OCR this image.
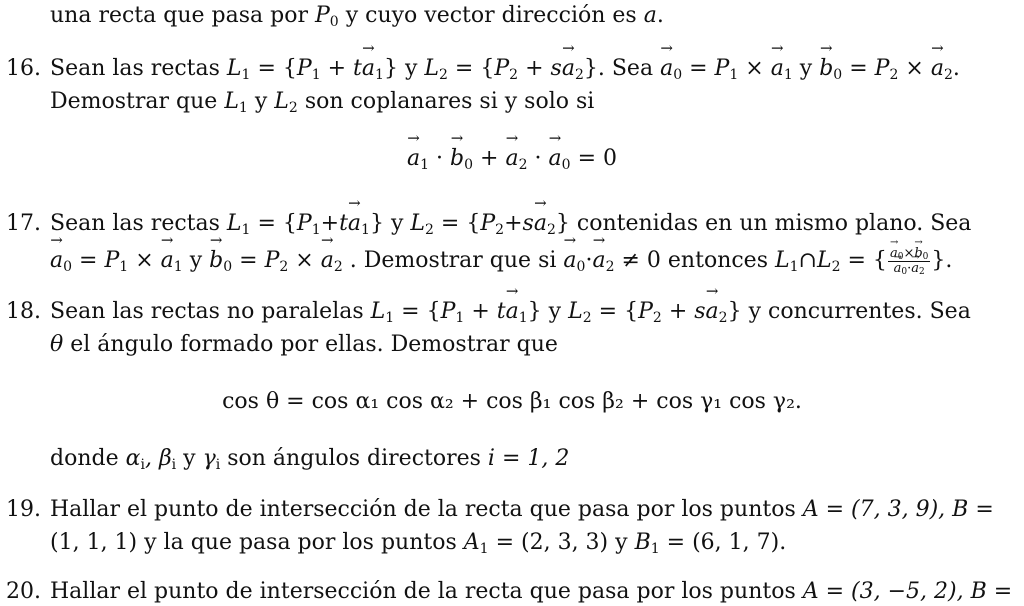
una recta que pasa por $P_0$ y cuyo vector dirección es → a.
16. Sean las rectas $L_1 = \{P_1 + t\to a_1\}$ y $L_2 = \{P_2 + s\to a_2\}$. Sea → $a_0 = P_1$ × → $a_1$ $y \to b_0 = P_2$ × → $a_2$.
Demostrar que $L_1$ y $L_2$ son coplanares si y solo si
→ $a_1$ · → $b_0$ + → $a_2$ · → $a_0 = 0$
17. Sean las rectas $L_1 = \{P_1+t\to a_1\}$ y $L_2 = \{P_2+s\to a_2\}$ contenidas en un mismo plano. Sea
→ $a_0 = P_1$ × → $a_1$ $y \to b_0 = P_2$ × → $a_2$ . Demostrar que si → $a_0\cdot\to a_2 \ne 0$ entonces $L_1\cap L_2$ = { → $a_0\times\to b_0$
→ $a_0\cdot\to a_2$ }.
18. Sean las rectas no paralelas $L_1 = \{P_1 + t\to a_1\}$ y $L_2 = \{P_2 + s\to a_2\}$ y concurrentes. Sea
θ el ángulo formado por ellas. Demostrar que
cos θ = cos α₁ cos α₂ + cos β₁ cos β₂ + cos γ₁ cos γ₂.
donde $\alpha_i$, $\beta_i$ y $\gamma_i$ son ángulos directores i = 1, 2
19. Hallar el punto de intersección de la recta que pasa por los puntos A = (7, 3, 9), B =
(1, 1, 1) y la que pasa por los puntos $A_1 = (2$, 3, 3) y $B_1 = (6$, 1, 7).
20. Hallar el punto de intersección de la recta que pasa por los puntos A = (3, −5, 2), B =
